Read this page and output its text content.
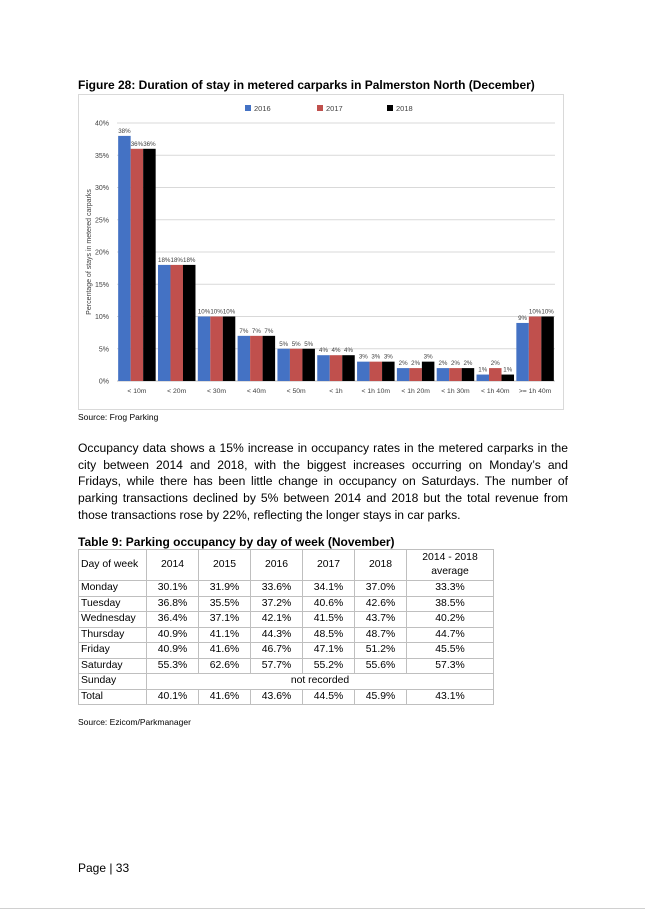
Figure 28: Duration of stay in metered carparks in Palmerston North (December)
0%
5%
10%
15%
20%
25%
30%
35%
40%
Percentage of stays in metered carparks
38%
36% 36%
< 10m
18% 18% 18%
< 20m
10% 10% 10%
< 30m
7% 7% 7%
< 40m
5% 5% 5%
< 50m
4% 4% 4%
< 1h
3% 3% 3%
< 1h 10m
2% 2%
3%
< 1h 20m
2% 2% 2%
< 1h 30m
1%
2%
1%
< 1h 40m
9%
10% 10%
>= 1h 40m
2016	2017	2018
Source: Frog Parking

Occupancy data shows a 15% increase in occupancy rates in the metered carparks in the city between 2014 and 2018, with the biggest increases occurring on Monday’s and Fridays, while there has been little change in occupancy on Saturdays. The number of parking transactions declined by 5% between 2014 and 2018 but the total revenue from those transactions rose by 22%, reflecting the longer stays in car parks.

Table 9: Parking occupancy by day of week (November)
Day of week	2014	2015	2016	2017	2018	2014 - 2018
average

Monday	30.1%	31.9%	33.6%	34.1%	37.0%	33.3%
Tuesday	36.8%	35.5%	37.2%	40.6%	42.6%	38.5%
Wednesday	36.4%	37.1%	42.1%	41.5%	43.7%	40.2%
Thursday	40.9%	41.1%	44.3%	48.5%	48.7%	44.7%
Friday	40.9%	41.6%	46.7%	47.1%	51.2%	45.5%
Saturday	55.3%	62.6%	57.7%	55.2%	55.6%	57.3%
Sunday	not recorded					
Total	40.1%	41.6%	43.6%	44.5%	45.9%	43.1%
Source: Ezicom/Parkmanager
Page | 33
